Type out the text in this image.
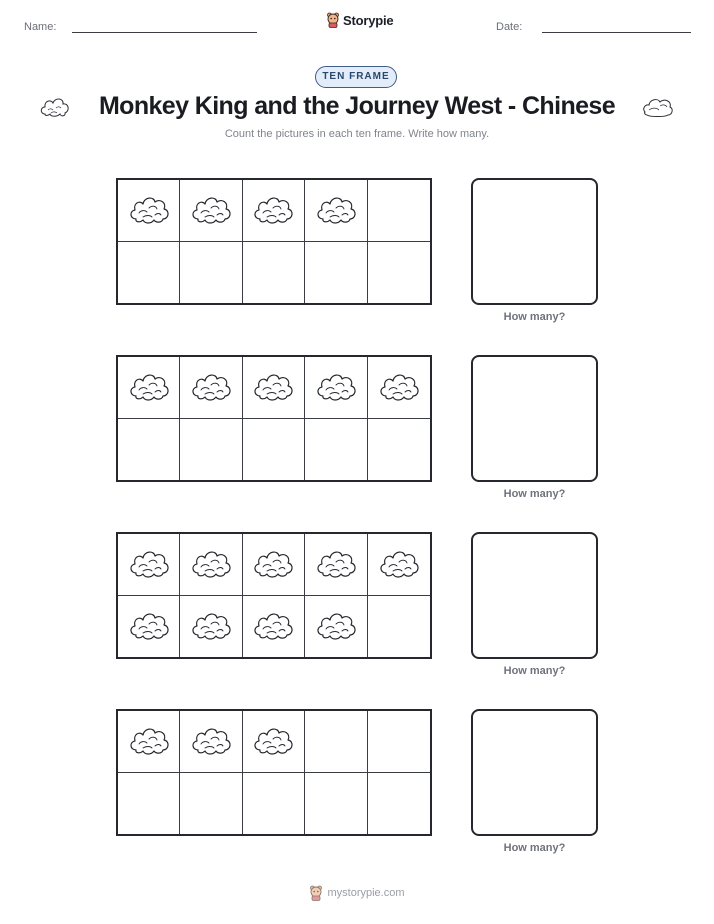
Name:	Storypie	Date:
TEN FRAME
Monkey King and the Journey West - Chinese
Count the pictures in each ten frame. Write how many.
How many?
How many?
How many?
How many?
mystorypie.com
